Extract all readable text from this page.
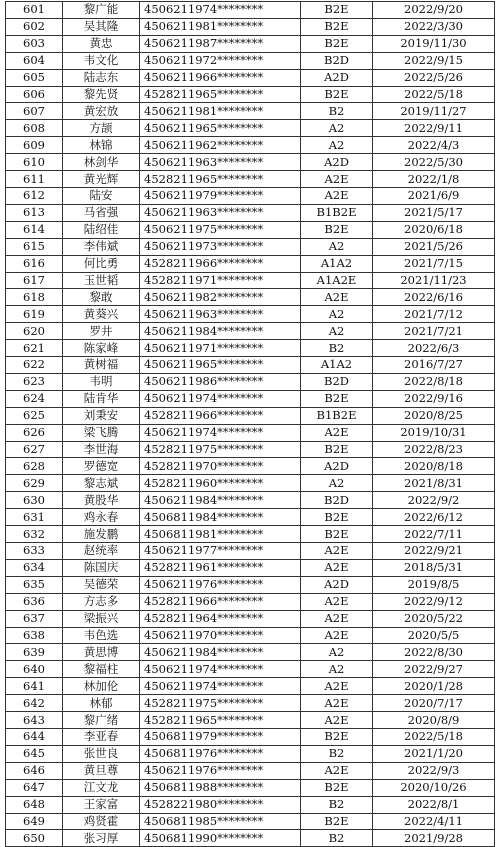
601	黎广能	4506211974********	B2E	2022/9/20
602	吴其隆	4506211981********	B2E	2022/3/30
603	黄忠	4506211987********	B2E	2019/11/30
604	韦文化	4506211972********	B2D	2022/9/15
605	陆志东	4506211966********	A2D	2022/5/26
606	黎先贤	4528211965********	B2E	2022/5/18
607	黄宏放	4506211981********	B2	2019/11/27
608	方颉	4506211965********	A2	2022/9/11
609	林锦	4506211962********	A2	2022/4/3
610	林剑华	4506211963********	A2D	2022/5/30
611	黄光辉	4528211965********	A2E	2022/1/8
612	陆安	4506211979********	A2E	2021/6/9
613	马省强	4506211963********	B1B2E	2021/5/17
614	陆绍佳	4506211975********	B2E	2020/6/18
615	李伟斌	4506211973********	A2	2021/5/26
616	何比勇	4528211966********	A1A2	2021/7/15
617	玉世韬	4528211971********	A1A2E	2021/11/23
618	黎敢	4506211982********	A2E	2022/6/16
619	黄葵兴	4506211963********	A2	2021/7/12
620	罗井	4506211984********	A2	2021/7/21
621	陈家峰	4506211971********	B2	2022/6/3
622	黄树福	4506211965********	A1A2	2016/7/27
623	韦明	4506211986********	B2D	2022/8/18
624	陆肯华	4506211974********	B2E	2022/9/16
625	刘秉安	4528211966********	B1B2E	2020/8/25
626	梁飞腾	4506211974********	A2E	2019/10/31
627	李世海	4528211975********	B2E	2022/8/23
628	罗德宽	4528211970********	A2D	2020/8/18
629	黎志斌	4528211960********	A2	2021/8/31
630	黄股华	4506211984********	B2D	2022/9/2
631	鸡永春	4506811984********	B2E	2022/6/12
632	施发鹏	4506811981********	B2E	2022/7/11
633	赵统率	4506211977********	A2E	2022/9/21
634	陈国庆	4528211961********	A2E	2018/5/31
635	吴德荣	4506211976********	A2D	2019/8/5
636	方志多	4528211966********	A2E	2022/9/12
637	梁振兴	4528211964********	A2E	2020/5/22
638	韦色选	4506211970********	A2E	2020/5/5
639	黄思博	4506211984********	A2	2022/8/30
640	黎福柱	4506211974********	A2	2022/9/27
641	林加伦	4506211974********	A2E	2020/1/28
642	林郁	4528211975********	A2E	2020/7/17
643	黎广绪	4528211965********	A2E	2020/8/9
644	李亚春	4506811979********	B2E	2022/5/18
645	张世良	4506811976********	B2	2021/1/20
646	黄旦尊	4506211976********	A2E	2022/9/3
647	江文龙	4506811988********	B2E	2020/10/26
648	王家富	4528221980********	B2	2022/8/1
649	鸡贤霍	4506811985********	B2E	2022/4/11
650	张习厚	4506811990********	B2	2021/9/28
